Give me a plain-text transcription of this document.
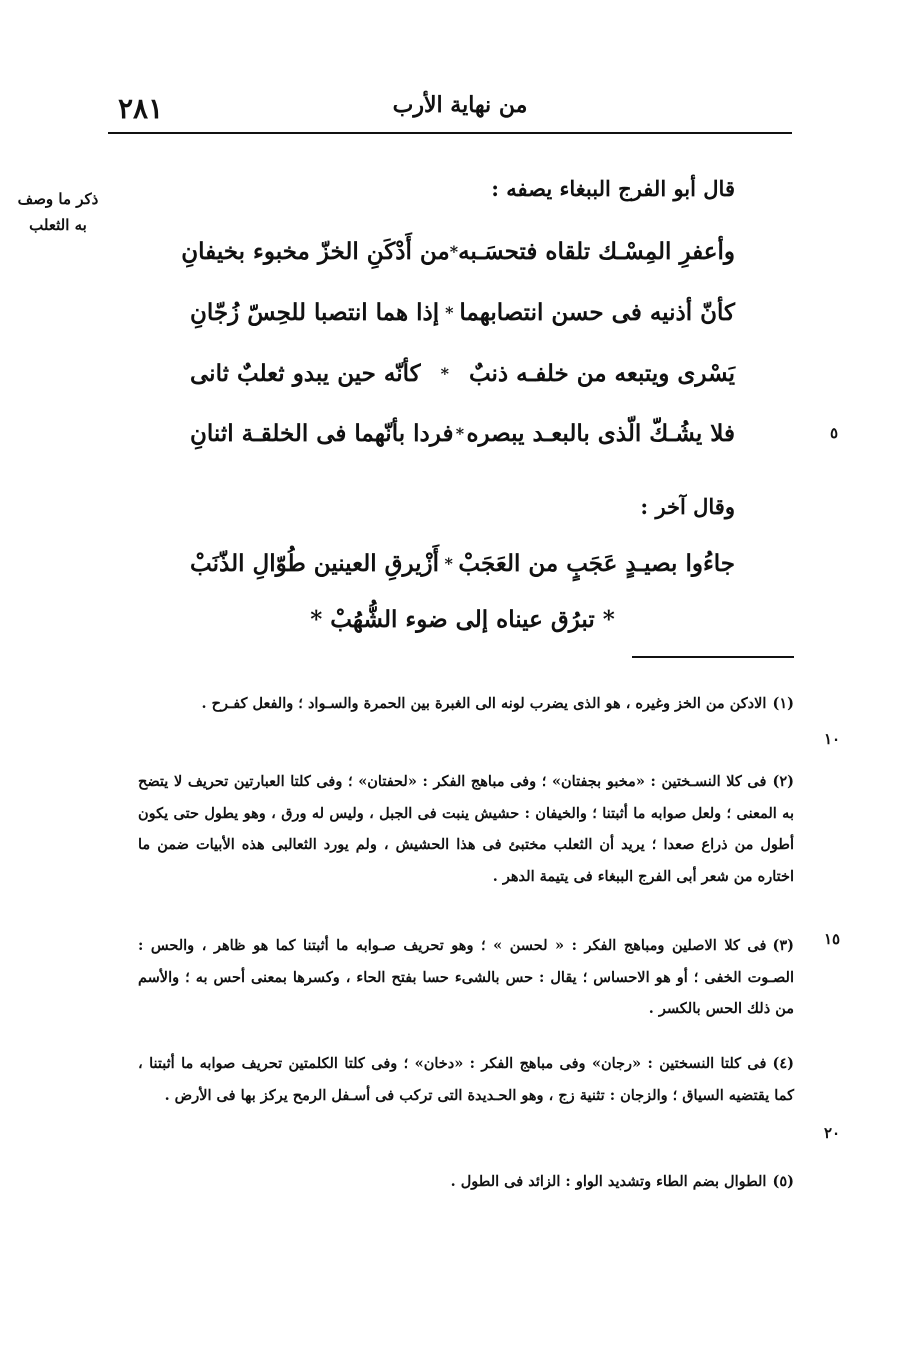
٢٨١	من نهاية الأرب
ذكر ما وصف
به الثعلب
قال أبو الفرج الببغاء يصفه :
وأعفرِ المِسْـك تلقاه فتحسَـبه
*
من أَدْكَنِ الخزّ مخبوء بخيفانِ
كأنّ أذنيه فى حسن انتصابهما
*
إذا هما انتصبا للحِسّ زُجّانِ
يَسْرى ويتبعه من خلفـه ذنبٌ
*
كأنّه حين يبدو ثعلبٌ ثانى
فلا يشُـكّ الّذى بالبعـد يبصره
*
فردا بأنّهما فى الخلقـة اثنانِ
وقال آخر :
جاءُوا بصيـدٍ عَجَبٍ من العَجَبْ
*
أَزْيرقِ العينين طُوّالِ الذّنَبْ
* تبرُق عيناه إلى ضوء الشُّهُبْ *
٥
١٠
١٥
٢٠

(١)الادكن من الخز وغيره ، هو الذى يضرب لونه الى الغبرة بين الحمرة والسـواد ؛ والفعل كفـرح .

(٢)فى كلا النسـختين : «مخبو بجفتان» ؛ وفى مباهج الفكر : «لحفتان» ؛ وفى كلتا العبارتين تحريف لا يتضح به المعنى ؛ ولعل صوابه ما أثبتنا ؛ والخيفان : حشيش ينبت فى الجبل ، وليس له ورق ، وهو يطول حتى يكون أطول من ذراع صعدا ؛ يريد أن الثعلب مختبئ فى هذا الحشيش ، ولم يورد الثعالبى هذه الأبيات ضمن ما اختاره من شعر أبى الفرج الببغاء فى يتيمة الدهر .

(٣)فى كلا الاصلين ومباهج الفكر : « لحسن » ؛ وهو تحريف صـوابه ما أثبتنا كما هو ظاهر ، والحس : الصـوت الخفى ؛ أو هو الاحساس ؛ يقال : حس بالشىء حسا بفتح الحاء ، وكسرها بمعنى أحس به ؛ والأسم من ذلك الحس بالكسر .

(٤)فى كلتا النسختين : «رجان» وفى مباهج الفكر : «دخان» ؛ وفى كلتا الكلمتين تحريف صوابه ما أثبتنا ، كما يقتضيه السياق ؛ والزجان : تثنية زج ، وهو الحـديدة التى تركب فى أسـفل الرمح يركز بها فى الأرض .

(٥)الطوال بضم الطاء وتشديد الواو : الزائد فى الطول .
